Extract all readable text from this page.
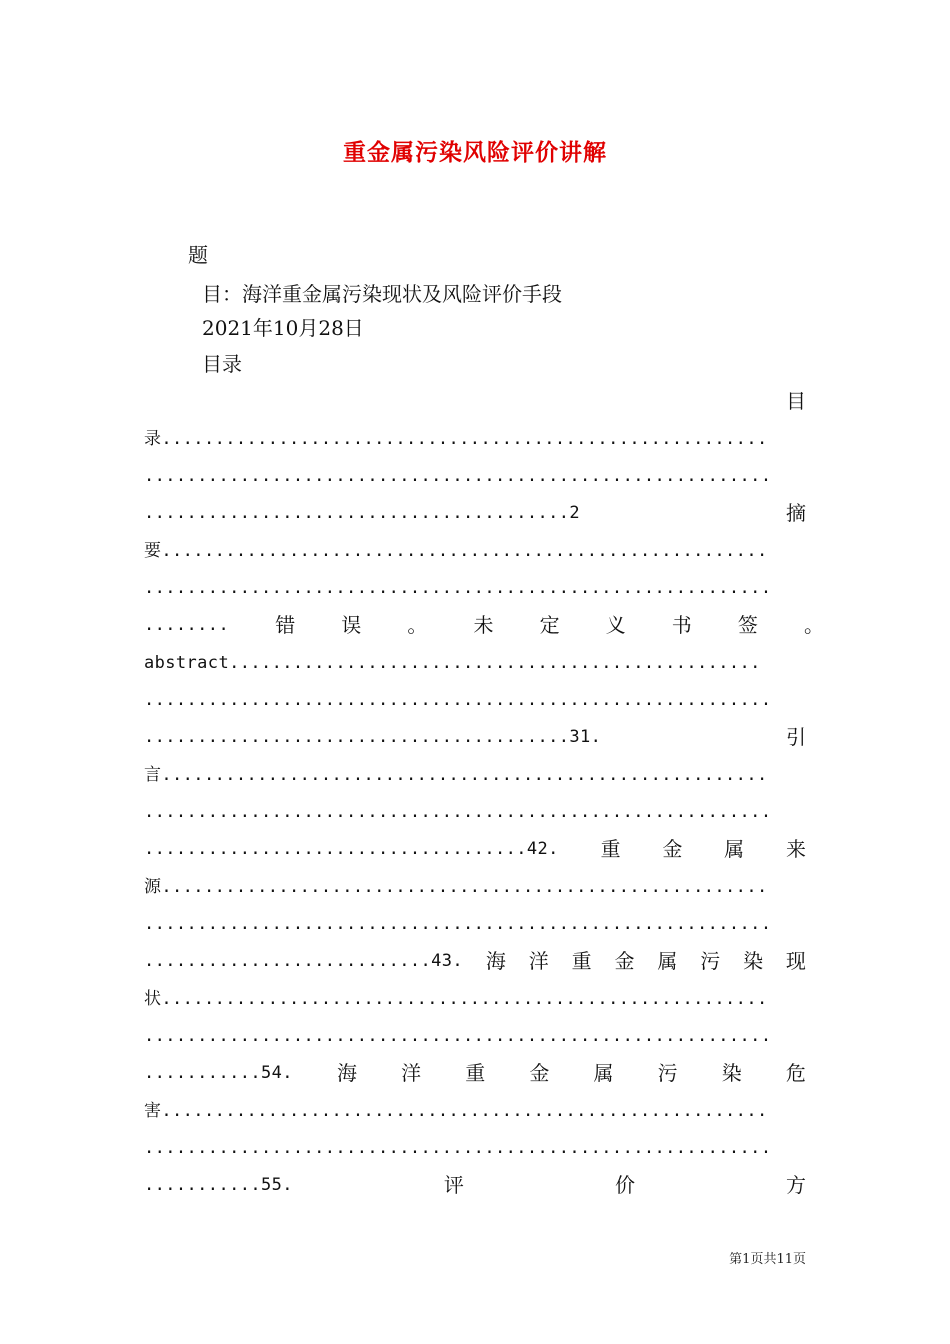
重金属污染风险评价讲解
题
目：海洋重金属污染现状及风险评价手段
2021年10月28日
目录
目
录.........................................................
...........................................................
........................................2	摘
要.........................................................
...........................................................
........ 错 误 。 未 定 义 书 签 。
abstract..................................................
...........................................................
........................................31.	引
言.........................................................
...........................................................
....................................42. 重 金 属 来
源.........................................................
...........................................................
...........................43. 海 洋 重 金 属 污 染 现
状.........................................................
...........................................................
...........54. 海 洋 重 金 属 污 染 危
害.........................................................
...........................................................
...........55.	评	价	方
第1页共11页
